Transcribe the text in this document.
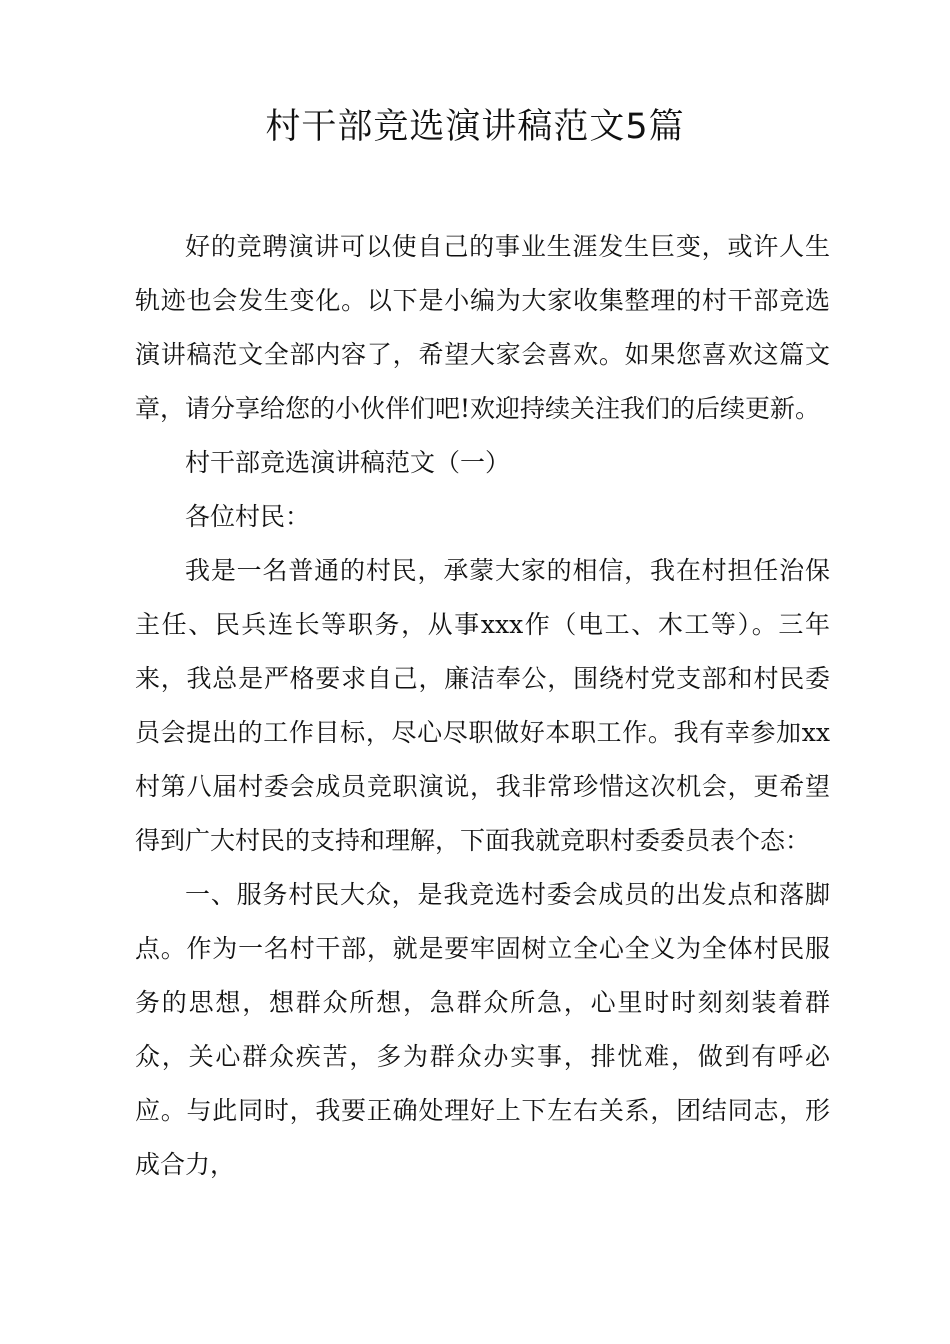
村干部竞选演讲稿范文5篇

好的竞聘演讲可以使自己的事业生涯发生巨变，或许人生轨迹也会发生变化。以下是小编为大家收集整理的村干部竞选演讲稿范文全部内容了，希望大家会喜欢。如果您喜欢这篇文章，请分享给您的小伙伴们吧!欢迎持续关注我们的后续更新。

村干部竞选演讲稿范文（一）

各位村民：

我是一名普通的村民，承蒙大家的相信，我在村担任治保主任、民兵连长等职务，从事xxx作（电工、木工等）。三年来，我总是严格要求自己，廉洁奉公，围绕村党支部和村民委员会提出的工作目标，尽心尽职做好本职工作。我有幸参加xx村第八届村委会成员竞职演说，我非常珍惜这次机会，更希望得到广大村民的支持和理解，下面我就竞职村委委员表个态：

一、服务村民大众，是我竞选村委会成员的出发点和落脚点。作为一名村干部，就是要牢固树立全心全义为全体村民服务的思想，想群众所想，急群众所急，心里时时刻刻装着群众，关心群众疾苦，多为群众办实事，排忧难，做到有呼必应。与此同时，我要正确处理好上下左右关系，团结同志，形成合力，
